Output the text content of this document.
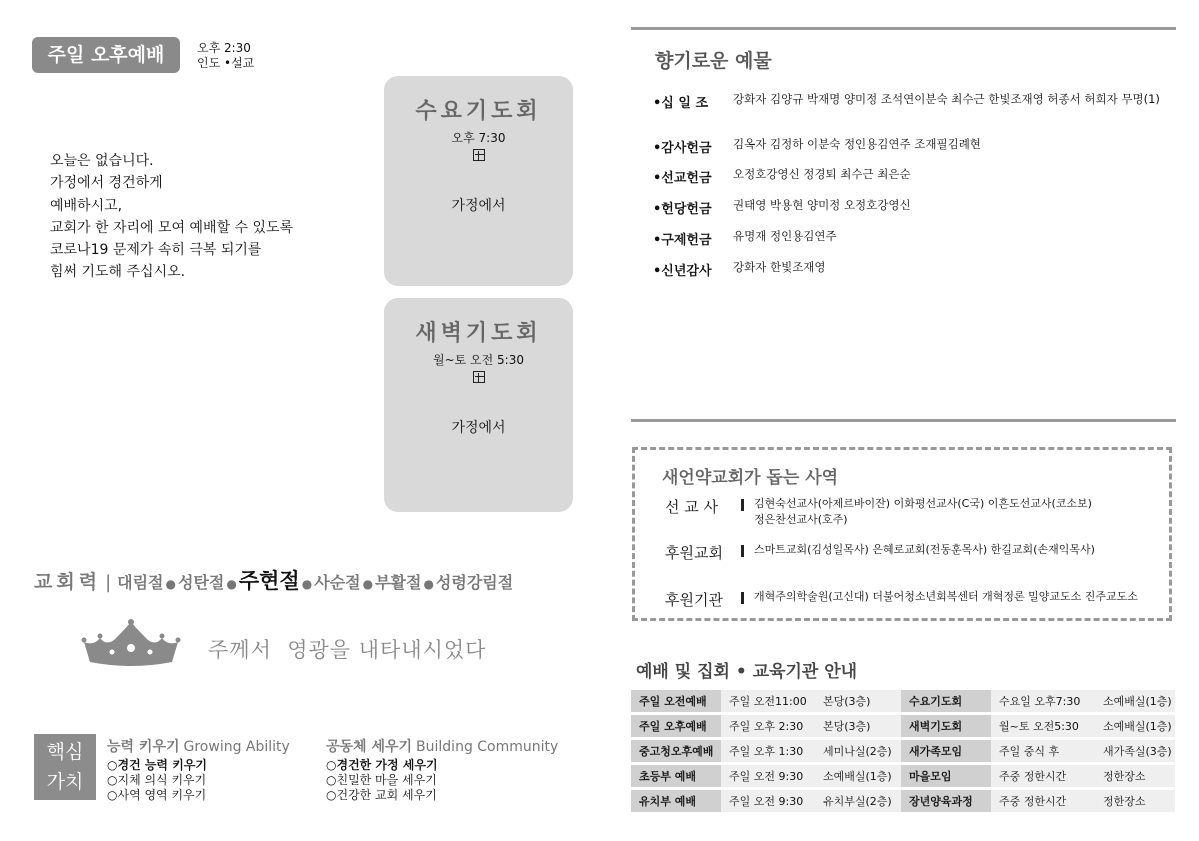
주일 오후예배	오후 2:30
인도 •설교
오늘은 없습니다.
가정에서 경건하게
예배하시고,
교회가 한 자리에 모여 예배할 수 있도록
코로나19 문제가 속히 극복 되기를
힘써 기도해 주십시오.
수요기도회
오후 7:30
가정에서
새벽기도회
월~토 오전 5:30
가정에서
교회력 | 대림절 ● 성탄절 ●주현절 ● 사순절 ● 부활절 ● 성령강림절
주께서  영광을 내타내시었다
핵심
가치
능력 키우기 Growing Ability
○경건 능력 키우기
○지체 의식 키우기
○사역 영역 키우기
공동체 세우기 Building Community
○경건한 가정 세우기
○친밀한 마을 세우기
○건강한 교회 세우기
향기로운 예물
•십 일 조 강화자 김양규 박재명 양미정 조석연이분숙 최수근 한빛조재영 허종서 허희자 무명(1)
•감사헌금 김옥자 김정하 이분숙 정인용김연주 조재필김례현
•선교헌금 오정호강영신 정경퇴 최수근 최은순
•헌당헌금 권태영 박용현 양미정 오정호강영신
•구제헌금 유명재 정인용김연주
•신년감사 강화자 한빛조재영
새언약교회가 돕는 사역
선 교 사	김현숙선교사(아제르바이잔) 이화평선교사(C국) 이흔도선교사(코소보)
정은찬선교사(호주)
후원교회	스마트교회(김성일목사) 은혜로교회(전동훈목사) 한길교회(손재익목사)
후원기관	개혁주의학술원(고신대) 더불어청소년회복센터 개혁정론 밀양교도소 진주교도소
예배 및 집회 • 교육기관 안내
주일 오전예배	주일 오전11:00	본당(3층)	수요기도회	수요일 오후7:30	소예배실(1층)
주일 오후예배	주일 오후 2:30	본당(3층)	새벽기도회	월~토 오전5:30	소예배실(1층)
중고청오후예배	주일 오후 1:30	세미나실(2층)	새가족모임	주일 중식 후	새가족실(3층)
초등부 예배	주일 오전 9:30	소예배실(1층)	마을모임	주중 정한시간	정한장소
유치부 예배	주일 오전 9:30	유치부실(2층)	장년양육과정	주중 정한시간	정한장소
